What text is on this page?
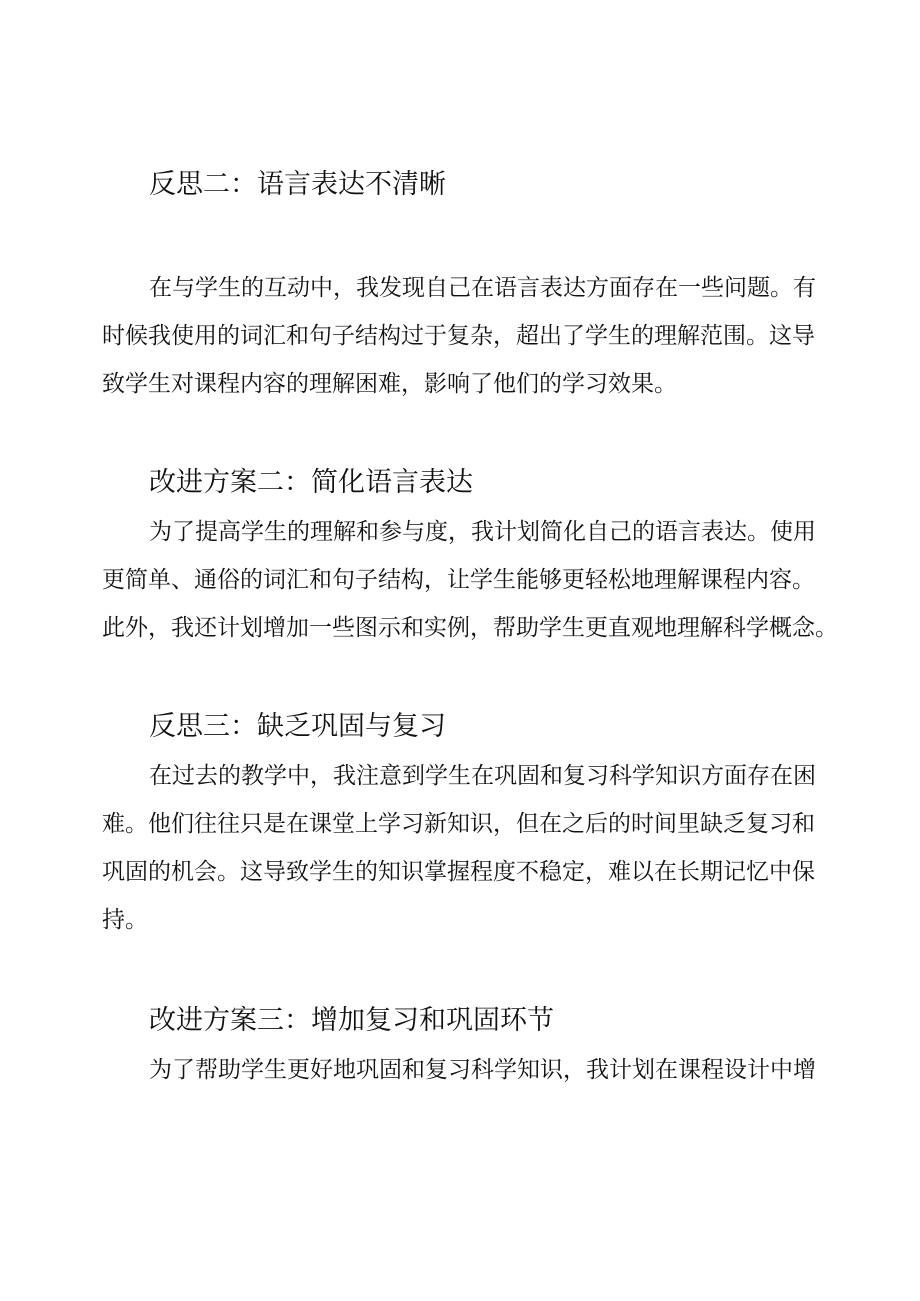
反思二：语言表达不清晰
在与学生的互动中，我发现自己在语言表达方面存在一些问题。有
时候我使用的词汇和句子结构过于复杂，超出了学生的理解范围。这导
致学生对课程内容的理解困难，影响了他们的学习效果。
改进方案二：简化语言表达
为了提高学生的理解和参与度，我计划简化自己的语言表达。使用
更简单、通俗的词汇和句子结构，让学生能够更轻松地理解课程内容。
此外，我还计划增加一些图示和实例，帮助学生更直观地理解科学概念。
反思三：缺乏巩固与复习
在过去的教学中，我注意到学生在巩固和复习科学知识方面存在困
难。他们往往只是在课堂上学习新知识，但在之后的时间里缺乏复习和
巩固的机会。这导致学生的知识掌握程度不稳定，难以在长期记忆中保
持。
改进方案三：增加复习和巩固环节
为了帮助学生更好地巩固和复习科学知识，我计划在课程设计中增
